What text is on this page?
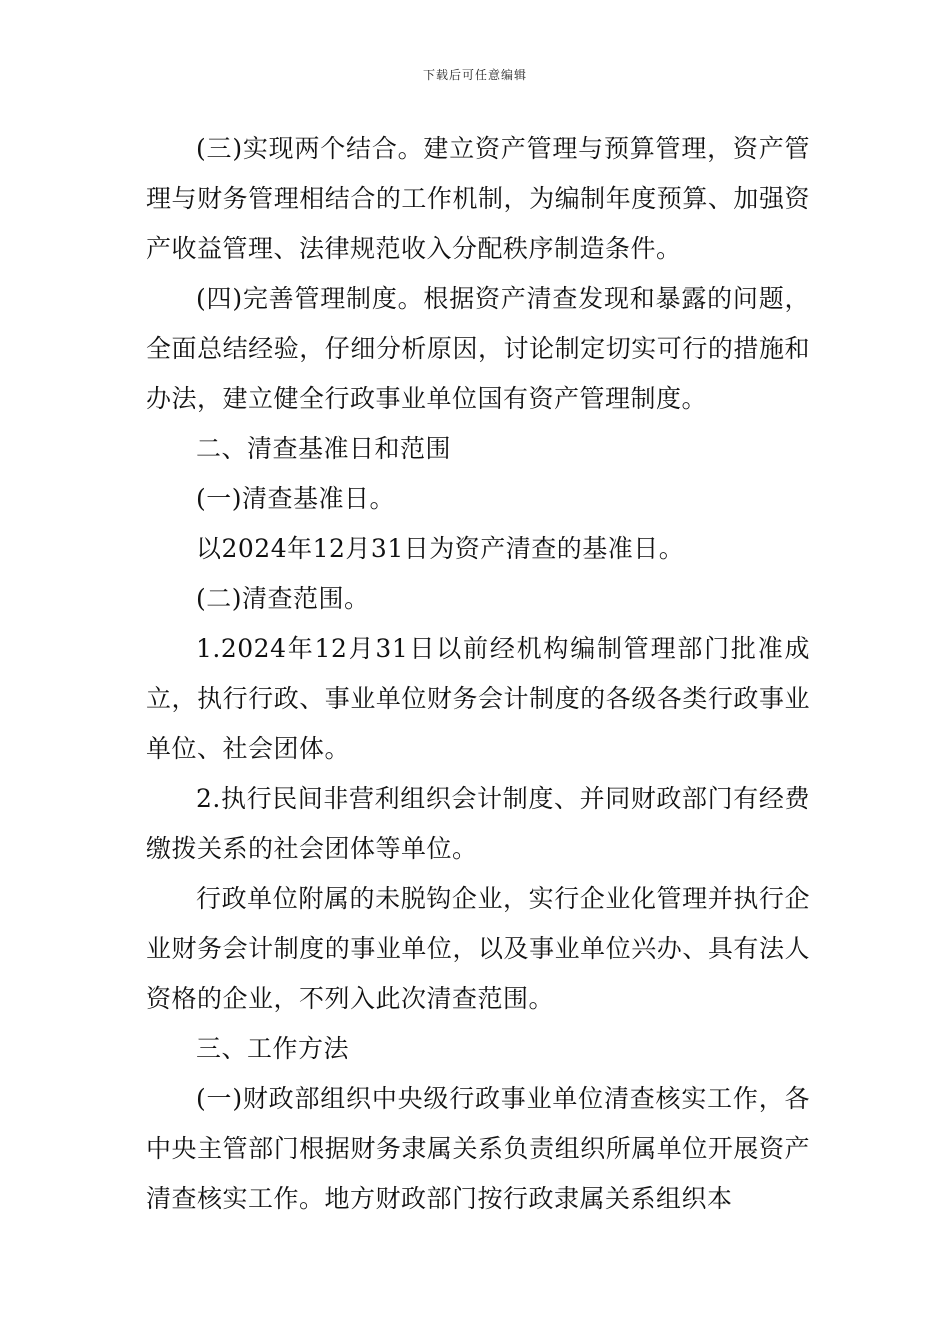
下载后可任意编辑

(三)实现两个结合。建立资产管理与预算管理，资产管理与财务管理相结合的工作机制，为编制年度预算、加强资产收益管理、法律规范收入分配秩序制造条件。

(四)完善管理制度。根据资产清查发现和暴露的问题，全面总结经验，仔细分析原因，讨论制定切实可行的措施和办法，建立健全行政事业单位国有资产管理制度。

二、清查基准日和范围

(一)清查基准日。

以2024年12月31日为资产清查的基准日。

(二)清查范围。

1.2024年12月31日以前经机构编制管理部门批准成立，执行行政、事业单位财务会计制度的各级各类行政事业单位、社会团体。

2.执行民间非营利组织会计制度、并同财政部门有经费缴拨关系的社会团体等单位。

行政单位附属的未脱钩企业，实行企业化管理并执行企业财务会计制度的事业单位，以及事业单位兴办、具有法人资格的企业，不列入此次清查范围。

三、工作方法

(一)财政部组织中央级行政事业单位清查核实工作，各中央主管部门根据财务隶属关系负责组织所属单位开展资产清查核实工作。地方财政部门按行政隶属关系组织本
